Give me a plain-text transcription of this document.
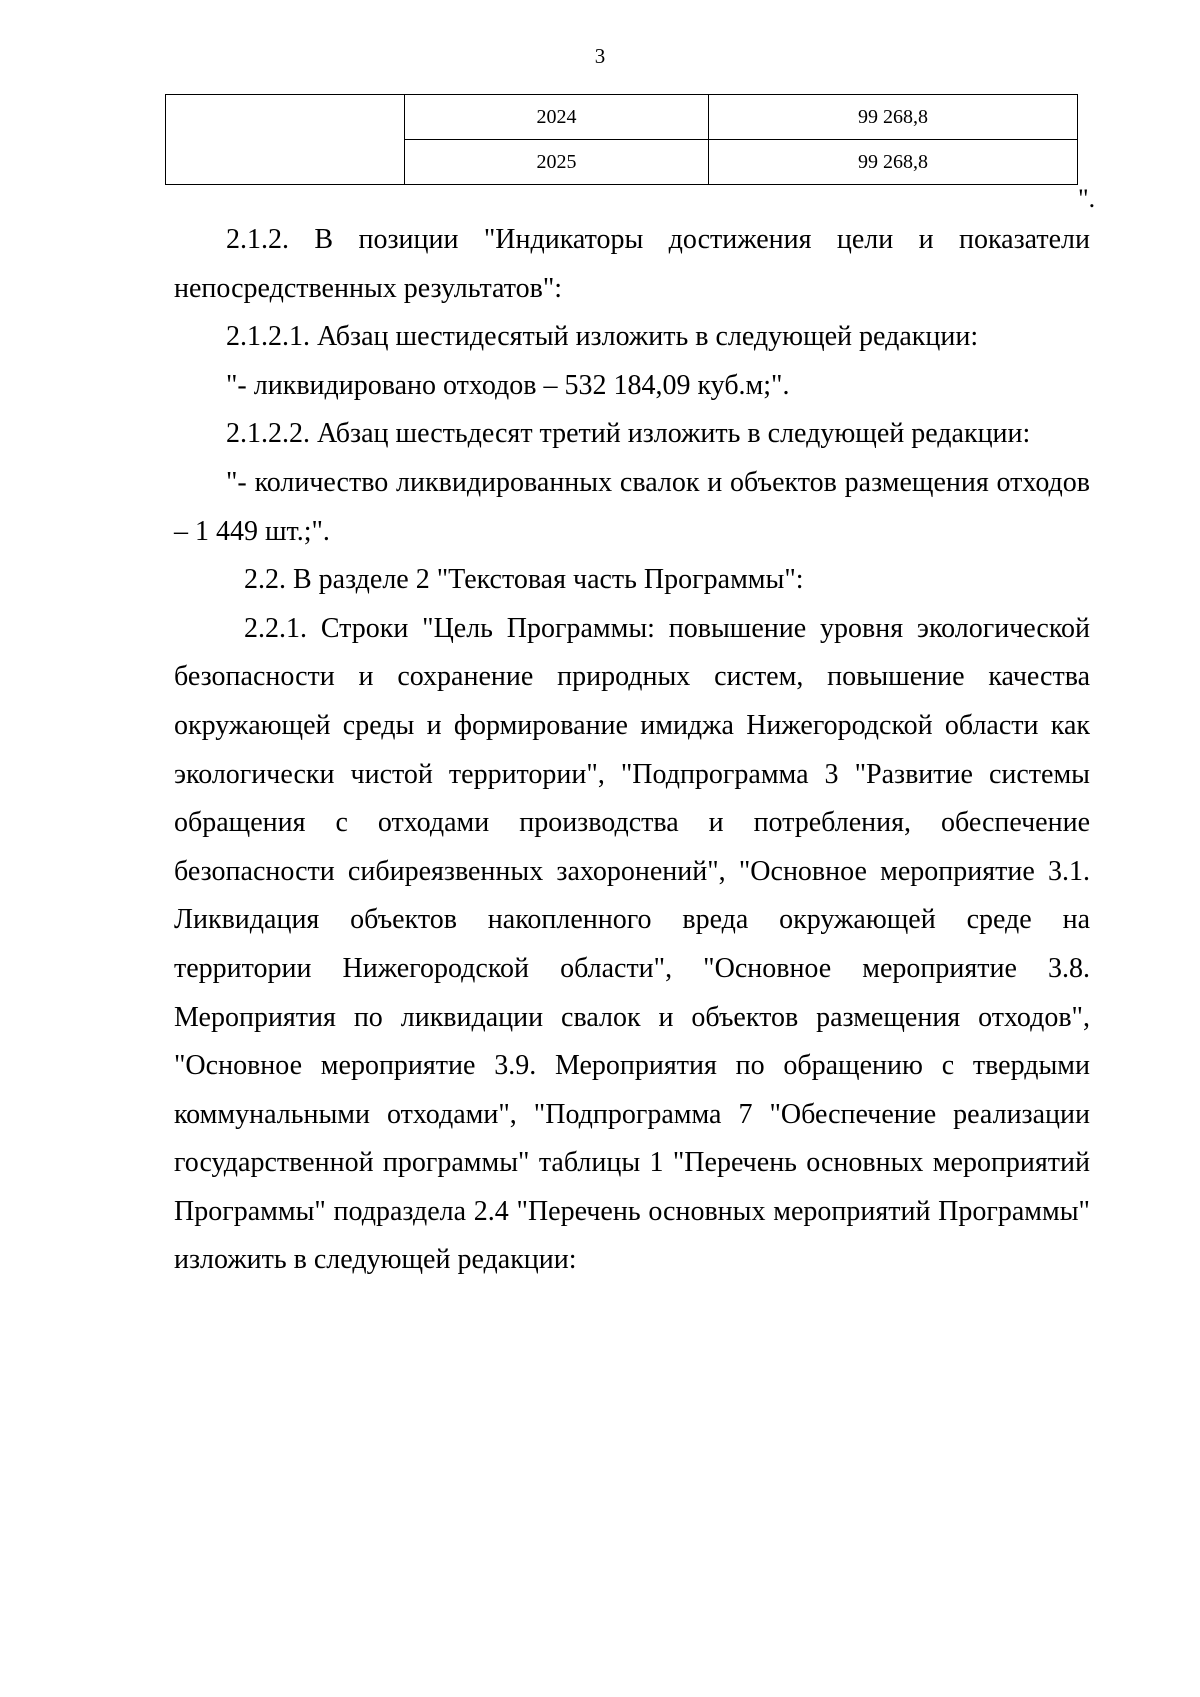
3
	2024	99 268,8
	2025	99 268,8
".

2.1.2. В позиции "Индикаторы достижения цели и показатели непосредственных результатов":

2.1.2.1. Абзац шестидесятый изложить в следующей редакции:

"- ликвидировано отходов – 532 184,09 куб.м;".

2.1.2.2. Абзац шестьдесят третий изложить в следующей редакции:

"- количество ликвидированных свалок и объектов размещения отходов – 1 449 шт.;".

2.2. В разделе 2 "Текстовая часть Программы":

2.2.1. Строки "Цель Программы: повышение уровня экологической безопасности и сохранение природных систем, повышение качества окружающей среды и формирование имиджа Нижегородской области как экологически чистой территории", "Подпрограмма 3 "Развитие системы обращения с отходами производства и потребления, обеспечение безопасности сибиреязвенных захоронений", "Основное мероприятие 3.1. Ликвидация объектов накопленного вреда окружающей среде на территории Нижегородской области", "Основное мероприятие 3.8. Мероприятия по ликвидации свалок и объектов размещения отходов", "Основное мероприятие 3.9. Мероприятия по обращению с твердыми коммунальными отходами", "Подпрограмма 7 "Обеспечение реализации государственной программы" таблицы 1 "Перечень основных мероприятий Программы" подраздела 2.4 "Перечень основных мероприятий Программы" изложить в следующей редакции:
